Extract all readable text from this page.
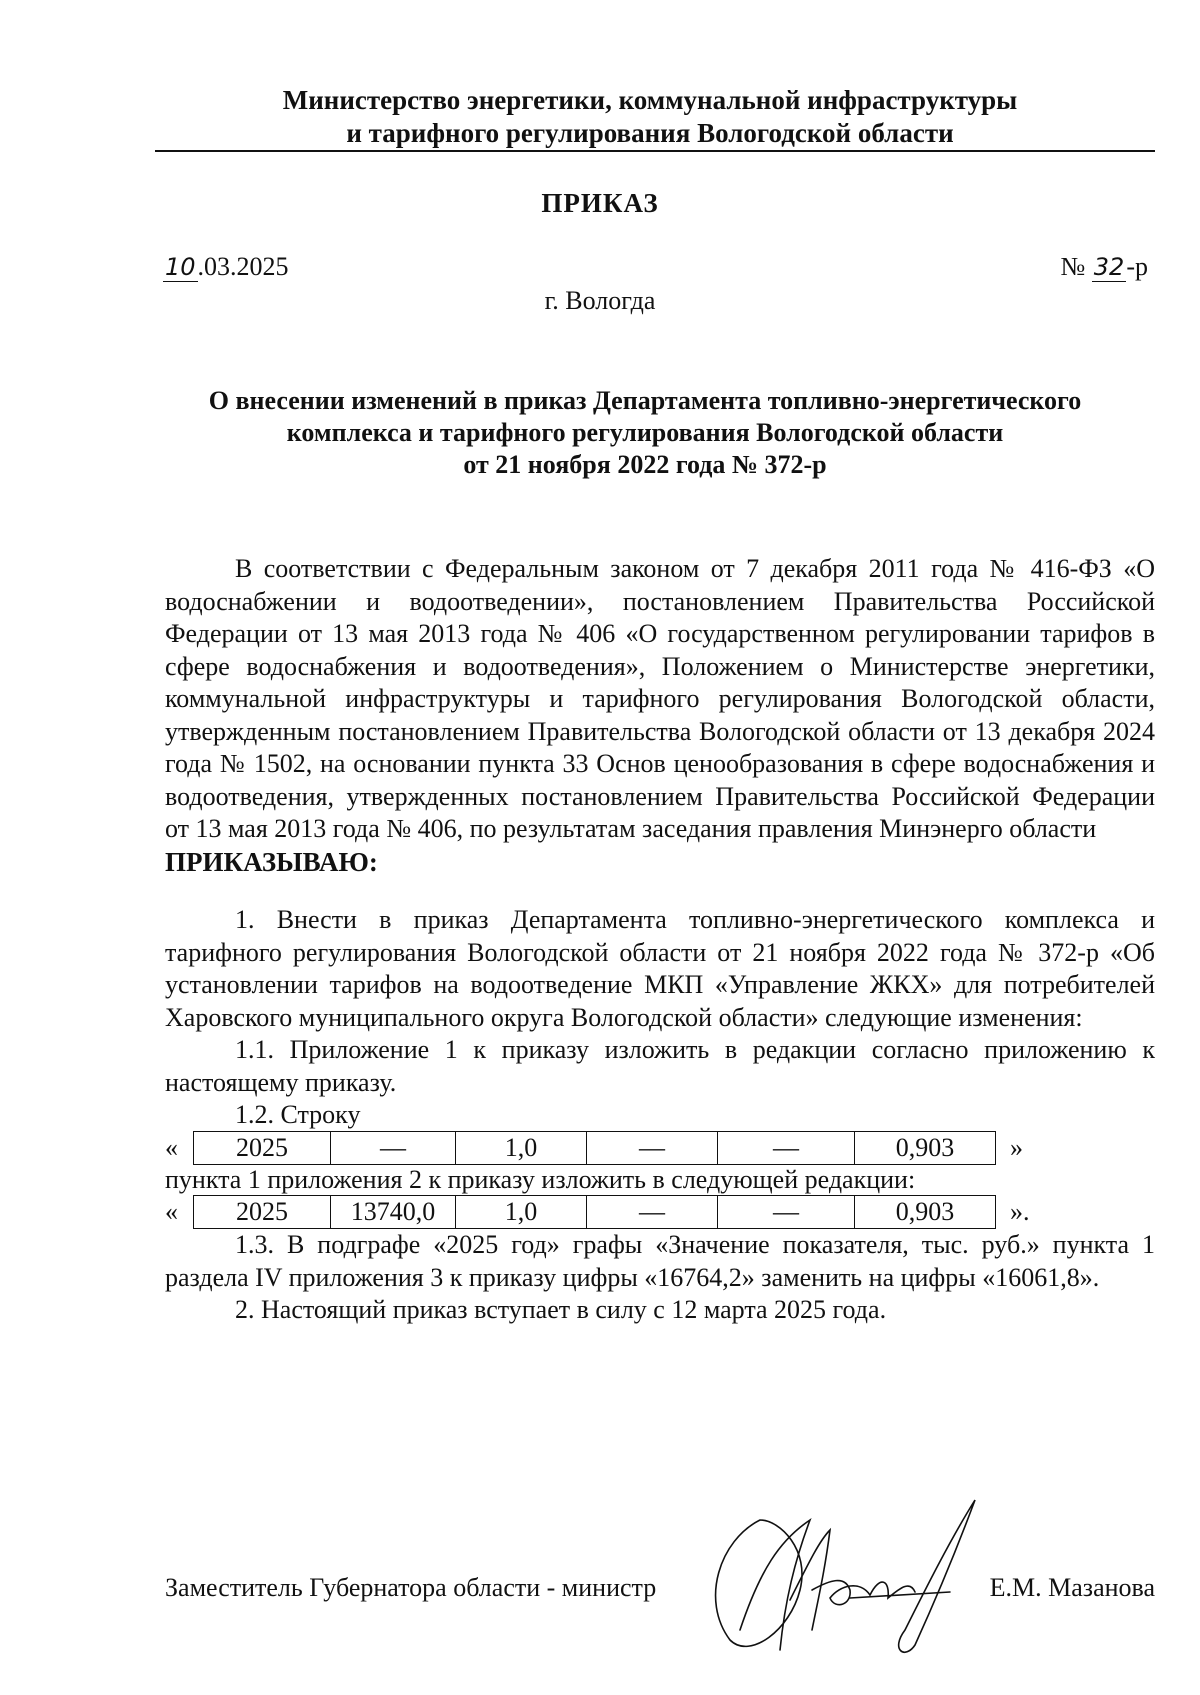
Министерство энергетики, коммунальной инфраструктуры
и тарифного регулирования Вологодской области
ПРИКАЗ
10.03.2025	№ 32-р
г. Вологда
О внесении изменений в приказ Департамента топливно-энергетического
комплекса и тарифного регулирования Вологодской области
от 21 ноября 2022 года № 372-р

В соответствии с Федеральным законом от 7 декабря 2011 года № 416-ФЗ «О водоснабжении и водоотведении», постановлением Правительства Российской Федерации от 13 мая 2013 года № 406 «О государственном регулировании тарифов в сфере водоснабжения и водоотведения», Положением о Министерстве энергетики, коммунальной инфраструктуры и тарифного регулирования Вологодской области, утвержденным постановлением Правительства Вологодской области от 13 декабря 2024 года № 1502, на основании пункта 33 Основ ценообразования в сфере водоснабжения и водоотведения, утвержденных постановлением Правительства Российской Федерации от 13 мая 2013 года № 406, по результатам заседания правления Минэнерго области

ПРИКАЗЫВАЮ:

1. Внести в приказ Департамента топливно-энергетического комплекса и тарифного регулирования Вологодской области от 21 ноября 2022 года № 372-р «Об установлении тарифов на водоотведение МКП «Управление ЖКХ» для потребителей Харовского муниципального округа Вологодской области» следующие изменения:

1.1. Приложение 1 к приказу изложить в редакции согласно приложению к настоящему приказу.

1.2. Строку

«	2025	—	1,0	—	—	0,903 »
пункта 1 приложения 2 к приказу изложить в следующей редакции:
«	2025	13740,0	1,0	—	—	0,903 ».

1.3. В подграфе «2025 год» графы «Значение показателя, тыс. руб.» пункта 1 раздела IV приложения 3 к приказу цифры «16764,2» заменить на цифры «16061,8».

2. Настоящий приказ вступает в силу с 12 марта 2025 года.

Заместитель Губернатора области - министр	Е.М. Мазанова
